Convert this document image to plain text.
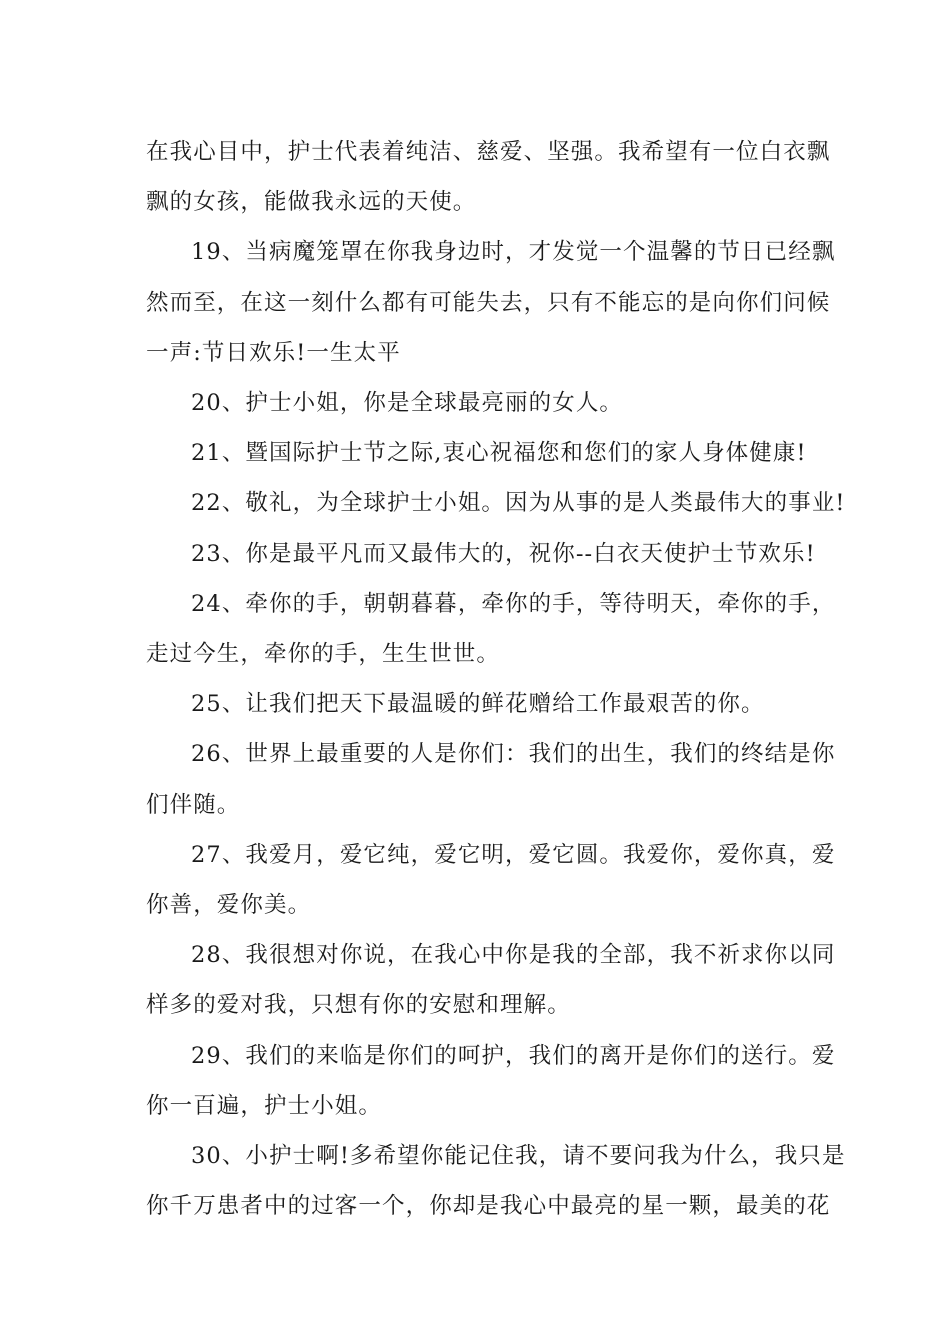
在我心目中，护士代表着纯洁、慈爱、坚强。我希望有一位白衣飘
飘的女孩，能做我永远的天使。

19、当病魔笼罩在你我身边时，才发觉一个温馨的节日已经飘
然而至，在这一刻什么都有可能失去，只有不能忘的是向你们问候
一声:节日欢乐!一生太平

20、护士小姐，你是全球最亮丽的女人。

21、暨国际护士节之际,衷心祝福您和您们的家人身体健康!

22、敬礼，为全球护士小姐。因为从事的是人类最伟大的事业!

23、你是最平凡而又最伟大的，祝你--白衣天使护士节欢乐!

24、牵你的手，朝朝暮暮，牵你的手，等待明天，牵你的手，
走过今生，牵你的手，生生世世。

25、让我们把天下最温暖的鲜花赠给工作最艰苦的你。

26、世界上最重要的人是你们：我们的出生，我们的终结是你
们伴随。

27、我爱月，爱它纯，爱它明，爱它圆。我爱你，爱你真，爱
你善，爱你美。

28、我很想对你说，在我心中你是我的全部，我不祈求你以同
样多的爱对我，只想有你的安慰和理解。

29、我们的来临是你们的呵护，我们的离开是你们的送行。爱
你一百遍，护士小姐。

30、小护士啊!多希望你能记住我，请不要问我为什么，我只是
你千万患者中的过客一个，你却是我心中最亮的星一颗，最美的花
